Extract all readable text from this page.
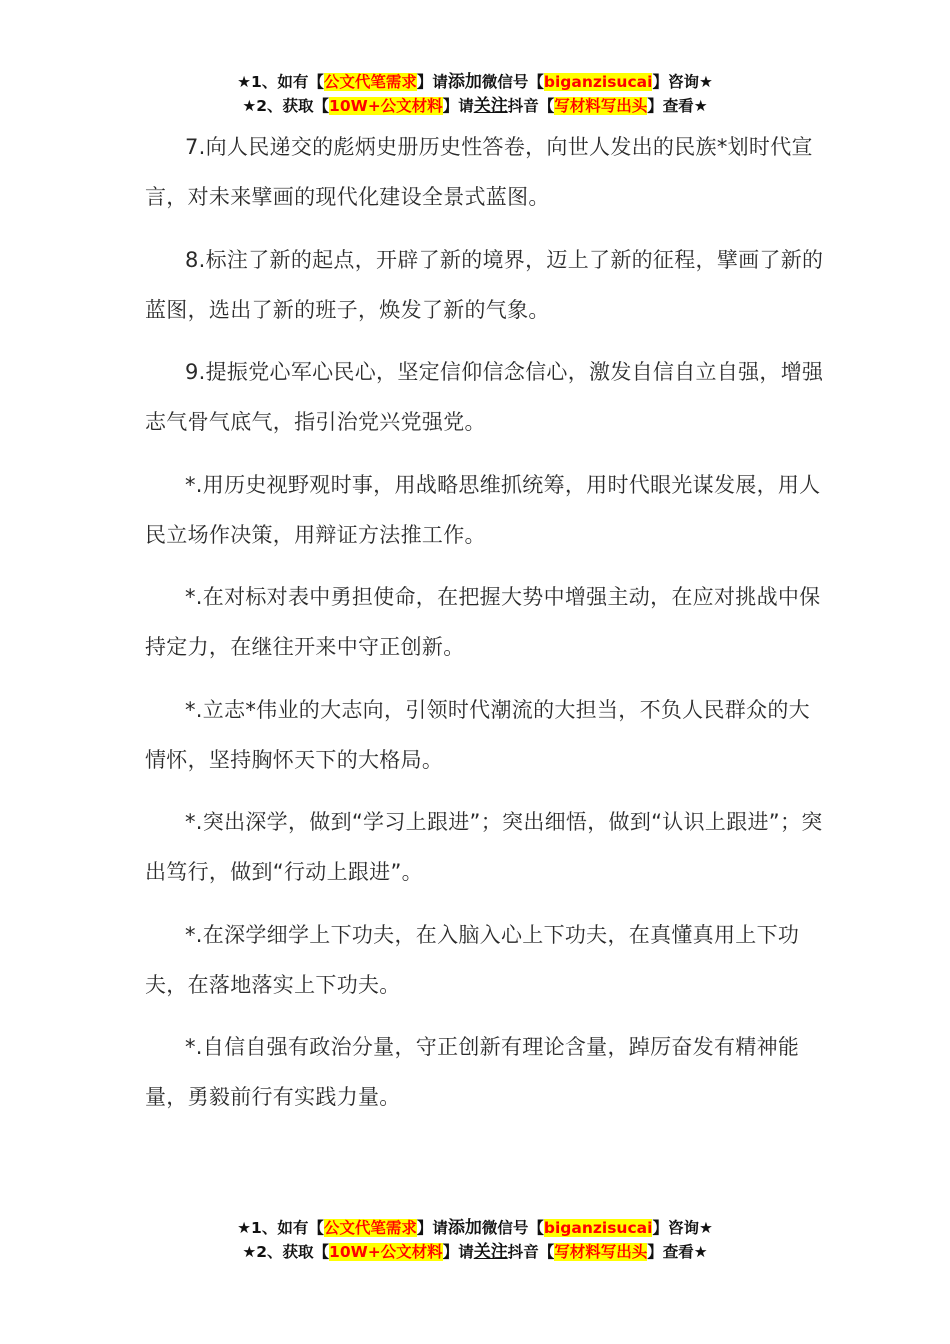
★1、如有【公文代笔需求】请添加微信号【biganzisucai】咨询★
★2、获取【10W+公文材料】请关注抖音【写材料写出头】查看★

7.向人民递交的彪炳史册历史性答卷，向世人发出的民族*划时代宣言，对未来擘画的现代化建设全景式蓝图。

8.标注了新的起点，开辟了新的境界，迈上了新的征程，擘画了新的蓝图，选出了新的班子，焕发了新的气象。

9.提振党心军心民心，坚定信仰信念信心，激发自信自立自强，增强志气骨气底气，指引治党兴党强党。

*.用历史视野观时事，用战略思维抓统筹，用时代眼光谋发展，用人民立场作决策，用辩证方法推工作。

*.在对标对表中勇担使命，在把握大势中增强主动，在应对挑战中保持定力，在继往开来中守正创新。

*.立志*伟业的大志向，引领时代潮流的大担当，不负人民群众的大情怀，坚持胸怀天下的大格局。

*.突出深学，做到“学习上跟进”；突出细悟，做到“认识上跟进”；突出笃行，做到“行动上跟进”。

*.在深学细学上下功夫，在入脑入心上下功夫，在真懂真用上下功夫，在落地落实上下功夫。

*.自信自强有政治分量，守正创新有理论含量，踔厉奋发有精神能量，勇毅前行有实践力量。

★1、如有【公文代笔需求】请添加微信号【biganzisucai】咨询★
★2、获取【10W+公文材料】请关注抖音【写材料写出头】查看★
